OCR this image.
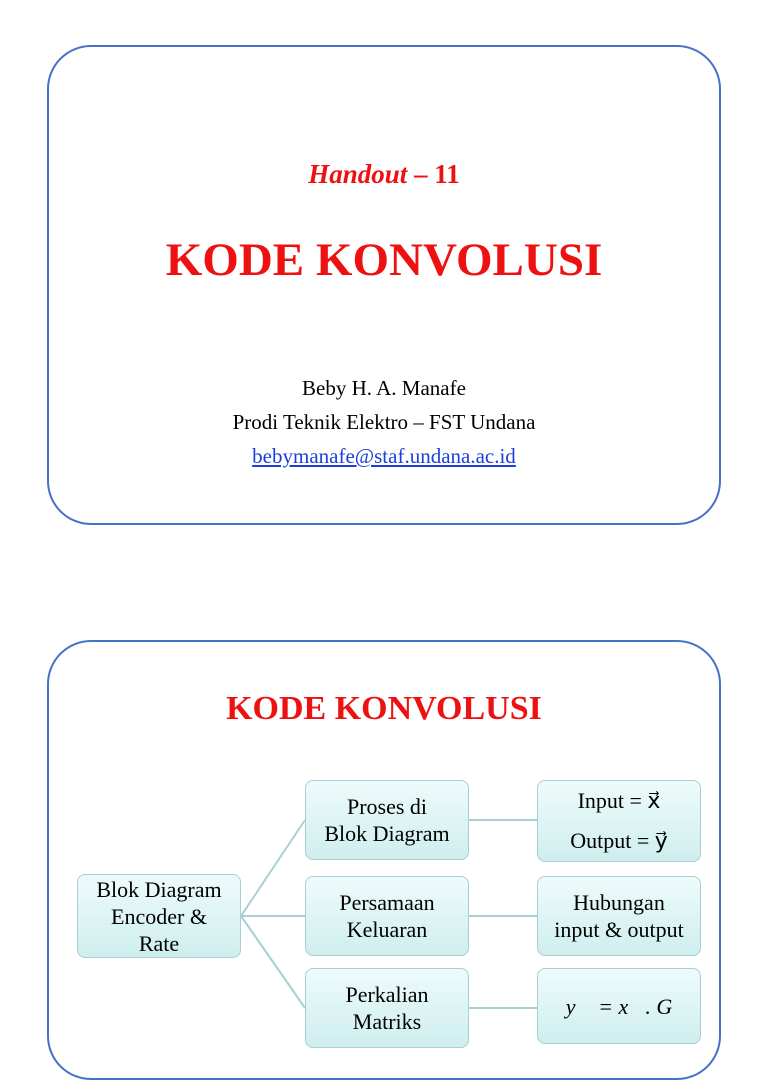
Handout – 11
KODE KONVOLUSI
Beby H. A. Manafe
Prodi Teknik Elektro – FST Undana
bebymanafe@staf.undana.ac.id
KODE KONVOLUSI
Blok Diagram
Encoder &
Rate
Proses di
Blok Diagram
Persamaan
Keluaran
Perkalian
Matriks
Input = x⃗
Output = y⃗
Hubungan
input & output
y⃗ = x⃗. G
